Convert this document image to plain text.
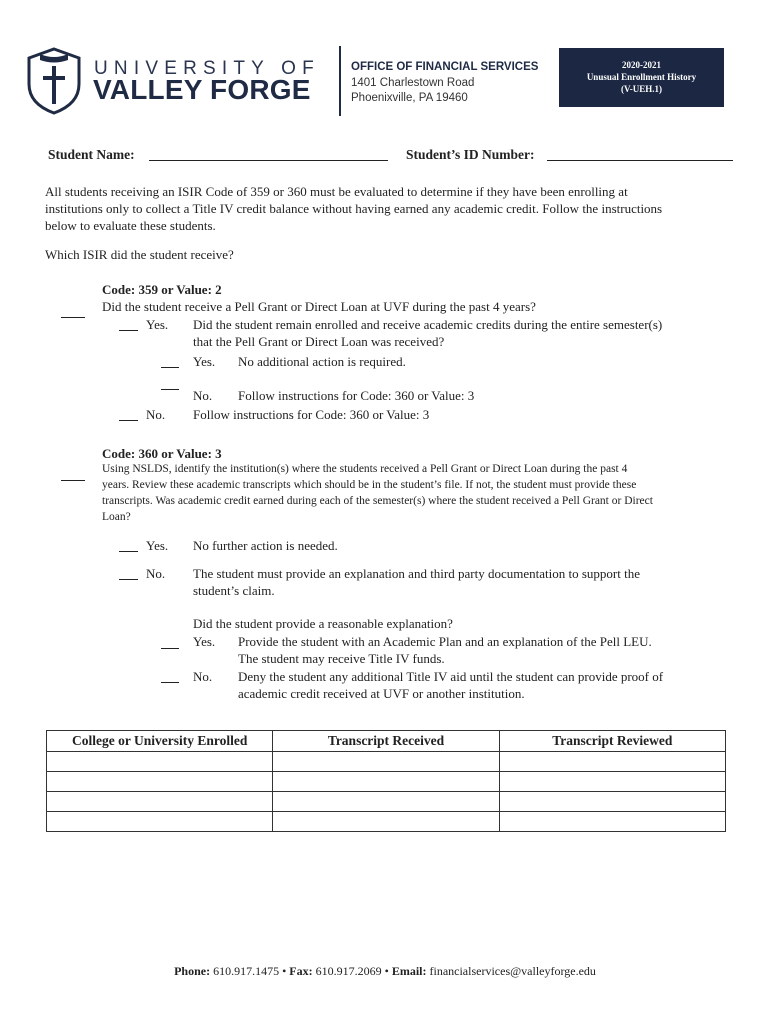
UNIVERSITY OF
VALLEY FORGE
OFFICE OF FINANCIAL SERVICES
1401 Charlestown Road
Phoenixville, PA 19460
2020-2021
Unusual Enrollment History
(V-UEH.1)
Student Name:	Student’s ID Number:
All students receiving an ISIR Code of 359 or 360 must be evaluated to determine if they have been enrolling at
institutions only to collect a Title IV credit balance without having earned any academic credit. Follow the instructions
below to evaluate these students.
Which ISIR did the student receive?
Code: 359 or Value: 2
Did the student receive a Pell Grant or Direct Loan at UVF during the past 4 years?
Yes. Did the student remain enrolled and receive academic credits during the entire semester(s)
that the Pell Grant or Direct Loan was received?
Yes. No additional action is required.
No. Follow instructions for Code: 360 or Value: 3
No. Follow instructions for Code: 360 or Value: 3
Code: 360 or Value: 3
Using NSLDS, identify the institution(s) where the students received a Pell Grant or Direct Loan during the past 4
years. Review these academic transcripts which should be in the student’s file. If not, the student must provide these
transcripts. Was academic credit earned during each of the semester(s) where the student received a Pell Grant or Direct
Loan?
Yes. No further action is needed.
No. The student must provide an explanation and third party documentation to support the
student’s claim.
Did the student provide a reasonable explanation?
Yes. Provide the student with an Academic Plan and an explanation of the Pell LEU.
The student may receive Title IV funds.
No. Deny the student any additional Title IV aid until the student can provide proof of
academic credit received at UVF or another institution.
College or University Enrolled	Transcript Received	Transcript Reviewed

Phone: 610.917.1475 • Fax: 610.917.2069 • Email: financialservices@valleyforge.edu
